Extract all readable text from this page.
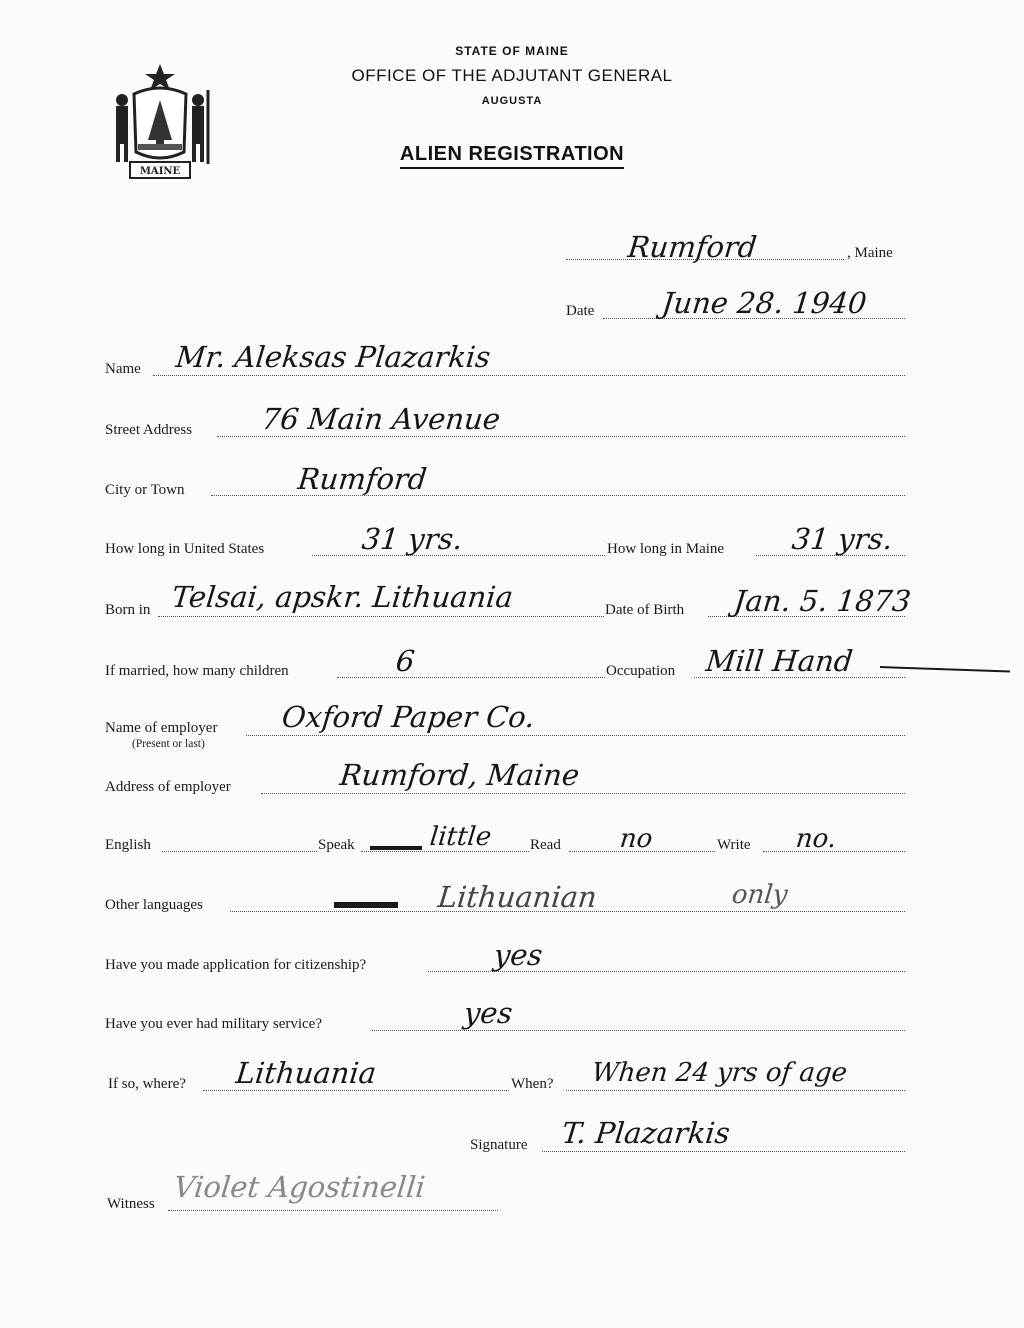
MAINE
STATE OF MAINE
OFFICE OF THE ADJUTANT GENERAL
AUGUSTA
ALIEN REGISTRATION
Rumford	, Maine
Date June 28. 1940
Name Mr. Aleksas Plazarkis
Street Address 76 Main Avenue
City or Town	Rumford
How long in United States	31 yrs.	How long in Maine 31 yrs.
Born in Telsai, apskr. Lithuania	Date of Birth Jan. 5. 1873
If married, how many children	6	Occupation Mill Hand
Name of employer
(Present or last)
Oxford Paper Co.
Address of employer	Rumford, Maine
English	Speak	little Read no	Write no.
Other languages	Lithuanian	only
Have you made application for citizenship?	yes
Have you ever had military service?	yes
If so, where? Lithuania	When? When 24 yrs of age
Signature T. Plazarkis
Witness Violet Agostinelli
